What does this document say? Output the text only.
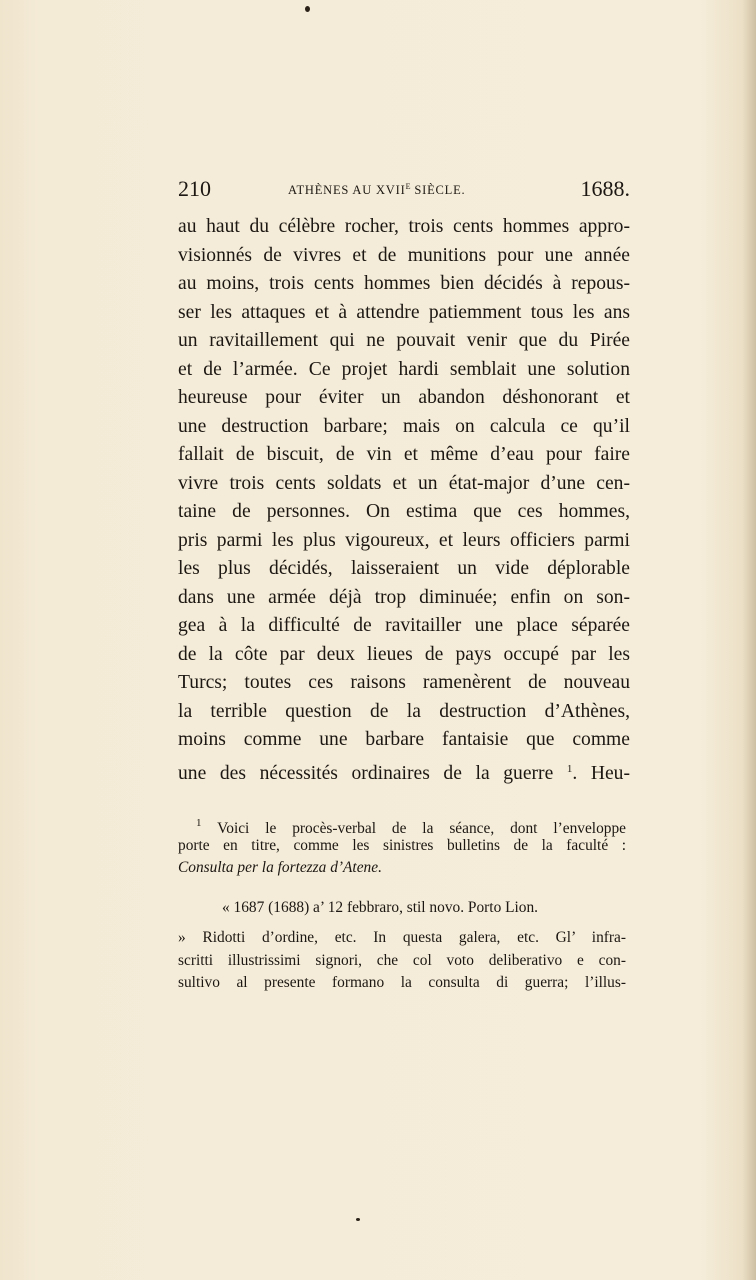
210	ATHÈNES AU $XVII^E$ SIÈCLE.	1688.
au haut du célèbre rocher, trois cents hommes appro-
visionnés de vivres et de munitions pour une année
au moins, trois cents hommes bien décidés à repous-
ser les attaques et à attendre patiemment tous les ans
un ravitaillement qui ne pouvait venir que du Pirée
et de l’armée. Ce projet hardi semblait une solution
heureuse pour éviter un abandon déshonorant et
une destruction barbare; mais on calcula ce qu’il
fallait de biscuit, de vin et même d’eau pour faire
vivre trois cents soldats et un état-major d’une cen-
taine de personnes. On estima que ces hommes,
pris parmi les plus vigoureux, et leurs officiers parmi
les plus décidés, laisseraient un vide déplorable
dans une armée déjà trop diminuée; enfin on son-
gea à la difficulté de ravitailler une place séparée
de la côte par deux lieues de pays occupé par les
Turcs; toutes ces raisons ramenèrent de nouveau
la terrible question de la destruction d’Athènes,
moins comme une barbare fantaisie que comme
une des nécessités ordinaires de la guerre $^1$. Heu-
$^1$ Voici le procès-verbal de la séance, dont l’enveloppe
porte en titre, comme les sinistres bulletins de la faculté :
Consulta per la fortezza d’Atene.
« 1687 (1688) a’ 12 febbraro, stil novo. Porto Lion.
» Ridotti d’ordine, etc. In questa galera, etc. Gl’ infra-
scritti illustrissimi signori, che col voto deliberativo e con-
sultivo al presente formano la consulta di guerra; l’illus-
